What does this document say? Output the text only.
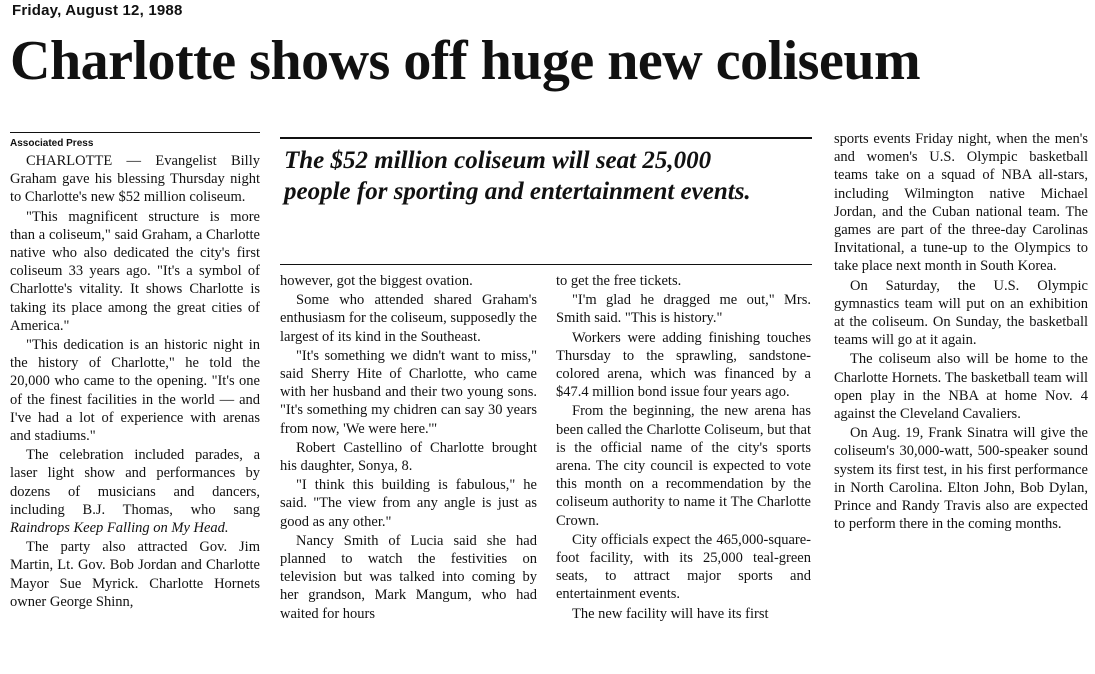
Friday, August 12, 1988
Charlotte shows off huge new coliseum
Associated Press

CHARLOTTE — Evangelist Billy Graham gave his blessing Thursday night to Charlotte's new $52 million coliseum.

"This magnificent structure is more than a coliseum," said Graham, a Charlotte native who also dedicated the city's first coliseum 33 years ago. "It's a symbol of Charlotte's vitality. It shows Charlotte is taking its place among the great cities of America."

"This dedication is an historic night in the history of Charlotte," he told the 20,000 who came to the opening. "It's one of the finest facilities in the world — and I've had a lot of experience with arenas and stadiums."

The celebration included parades, a laser light show and performances by dozens of musicians and dancers, including B.J. Thomas, who sang Raindrops Keep Falling on My Head.

The party also attracted Gov. Jim Martin, Lt. Gov. Bob Jordan and Charlotte Mayor Sue Myrick. Charlotte Hornets owner George Shinn,

The $52 million coliseum will seat 25,000 people for sporting and entertainment events.

however, got the biggest ovation.

Some who attended shared Graham's enthusiasm for the coliseum, supposedly the largest of its kind in the Southeast.

"It's something we didn't want to miss," said Sherry Hite of Charlotte, who came with her husband and their two young sons. "It's something my chidren can say 30 years from now, 'We were here.'"

Robert Castellino of Charlotte brought his daughter, Sonya, 8.

"I think this building is fabulous," he said. "The view from any angle is just as good as any other."

Nancy Smith of Lucia said she had planned to watch the festivities on television but was talked into coming by her grandson, Mark Mangum, who had waited for hours

to get the free tickets.

"I'm glad he dragged me out," Mrs. Smith said. "This is history."

Workers were adding finishing touches Thursday to the sprawling, sandstone-colored arena, which was financed by a $47.4 million bond issue four years ago.

From the beginning, the new arena has been called the Charlotte Coliseum, but that is the official name of the city's sports arena. The city council is expected to vote this month on a recommendation by the coliseum authority to name it The Charlotte Crown.

City officials expect the 465,000-square-foot facility, with its 25,000 teal-green seats, to attract major sports and entertainment events.

The new facility will have its first

sports events Friday night, when the men's and women's U.S. Olympic basketball teams take on a squad of NBA all-stars, including Wilmington native Michael Jordan, and the Cuban national team. The games are part of the three-day Carolinas Invitational, a tune-up to the Olympics to take place next month in South Korea.

On Saturday, the U.S. Olympic gymnastics team will put on an exhibition at the coliseum. On Sunday, the basketball teams will go at it again.

The coliseum also will be home to the Charlotte Hornets. The basketball team will open play in the NBA at home Nov. 4 against the Cleveland Cavaliers.

On Aug. 19, Frank Sinatra will give the coliseum's 30,000-watt, 500-speaker sound system its first test, in his first performance in North Carolina. Elton John, Bob Dylan, Prince and Randy Travis also are expected to perform there in the coming months.
